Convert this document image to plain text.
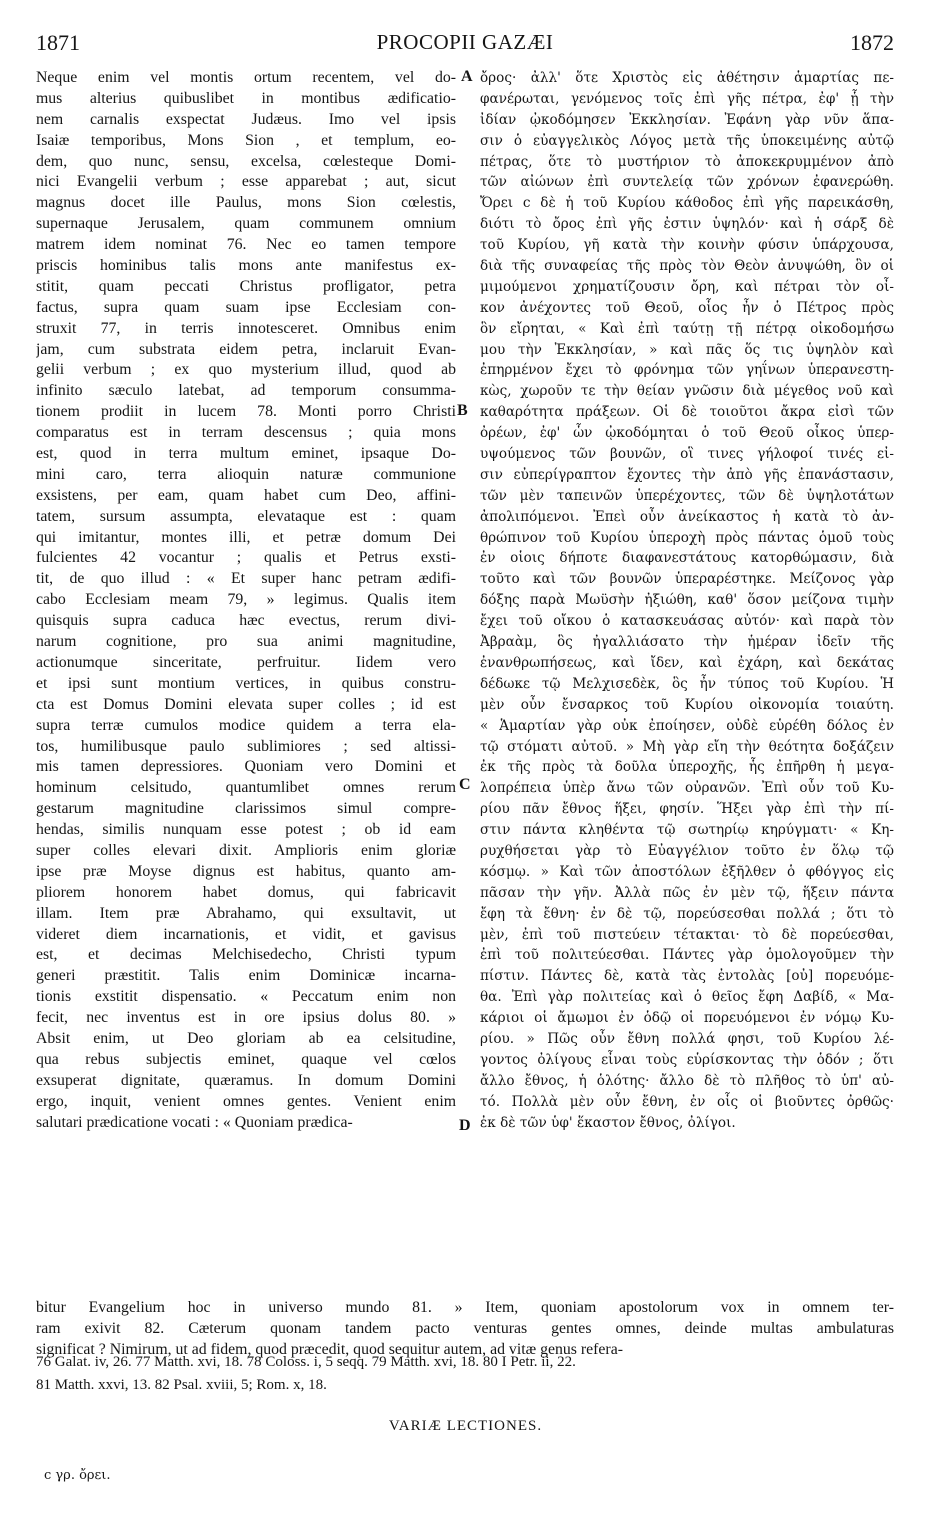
1871	PROCOPII GAZÆI	1872
Neque enim vel montis ortum recentem, vel do-
mus alterius quibuslibet in montibus ædificatio-
nem carnalis exspectat Judæus. Imo vel ipsis
Isaiæ temporibus, Mons Sion , et templum, eo-
dem, quo nunc, sensu, excelsa, cœlesteque Domi-
nici Evangelii verbum ; esse apparebat ; aut, sicut
magnus docet ille Paulus, mons Sion cœlestis,
supernaque Jerusalem, quam communem omnium
matrem idem nominat 76. Nec eo tamen tempore
priscis hominibus talis mons ante manifestus ex-
stitit, quam peccati Christus profligator, petra
factus, supra quam suam ipse Ecclesiam con-
struxit 77, in terris innotesceret. Omnibus enim
jam, cum substrata eidem petra, inclaruit Evan-
gelii verbum ; ex quo mysterium illud, quod ab
infinito sæculo latebat, ad temporum consumma-
tionem prodiit in lucem 78. Monti porro Christi
comparatus est in terram descensus ; quia mons
est, quod in terra multum eminet, ipsaque Do-
mini caro, terra alioquin naturæ communione
exsistens, per eam, quam habet cum Deo, affini-
tatem, sursum assumpta, elevataque est : quam
qui imitantur, montes illi, et petræ domum Dei
fulcientes 42 vocantur ; qualis et Petrus exsti-
tit, de quo illud : « Et super hanc petram ædifi-
cabo Ecclesiam meam 79, » legimus. Qualis item
quisquis supra caduca hæc evectus, rerum divi-
narum cognitione, pro sua animi magnitudine,
actionumque sinceritate, perfruitur. Iidem vero
et ipsi sunt montium vertices, in quibus constru-
cta est Domus Domini elevata super colles ; id est
supra terræ cumulos modice quidem a terra ela-
tos, humilibusque paulo sublimiores ; sed altissi-
mis tamen depressiores. Quoniam vero Domini et
hominum celsitudo, quantumlibet omnes rerum
gestarum magnitudine clarissimos simul compre-
hendas, similis nunquam esse potest ; ob id eam
super colles elevari dixit. Amplioris enim gloriæ
ipse præ Moyse dignus est habitus, quanto am-
pliorem honorem habet domus, qui fabricavit
illam. Item præ Abrahamo, qui exsultavit, ut
videret diem incarnationis, et vidit, et gavisus
est, et decimas Melchisedecho, Christi typum
generi præstitit. Talis enim Dominicæ incarna-
tionis exstitit dispensatio. « Peccatum enim non
fecit, nec inventus est in ore ipsius dolus 80. »
Absit enim, ut Deo gloriam ab ea celsitudine,
qua rebus subjectis eminet, quaque vel cœlos
exsuperat dignitate, quæramus. In domum Domini
ergo, inquit, venient omnes gentes. Venient enim
salutari prædicatione vocati : « Quoniam prædica-
ὄρος· ἀλλ' ὅτε Χριστὸς εἰς ἀθέτησιν ἁμαρτίας πε-
φανέρωται, γενόμενος τοῖς ἐπὶ γῆς πέτρα, ἐφ' ᾗ τὴν
ἰδίαν ᾠκοδόμησεν Ἐκκλησίαν. Ἐφάνη γὰρ νῦν ἅπα-
σιν ὁ εὐαγγελικὸς Λόγος μετὰ τῆς ὑποκειμένης αὐτῷ
πέτρας, ὅτε τὸ μυστήριον τὸ ἀποκεκρυμμένον ἀπὸ
τῶν αἰώνων ἐπὶ συντελείᾳ τῶν χρόνων ἐφανερώθη.
Ὄρει c δὲ ἡ τοῦ Κυρίου κάθοδος ἐπὶ γῆς παρεικάσθη,
διότι τὸ ὄρος ἐπὶ γῆς ἐστιν ὑψηλόν· καὶ ἡ σάρξ δὲ
τοῦ Κυρίου, γῆ κατὰ τὴν κοινὴν φύσιν ὑπάρχουσα,
διὰ τῆς συναφείας τῆς πρὸς τὸν Θεὸν ἀνυψώθη, ὃν οἱ
μιμούμενοι χρηματίζουσιν ὄρη, καὶ πέτραι τὸν οἶ-
κον ἀνέχοντες τοῦ Θεοῦ, οἷος ἦν ὁ Πέτρος πρὸς
ὃν εἴρηται, « Καὶ ἐπὶ ταύτῃ τῇ πέτρᾳ οἰκοδομήσω
μου τὴν Ἐκκλησίαν, » καὶ πᾶς ὅς τις ὑψηλὸν καὶ
ἐπηρμένον ἔχει τὸ φρόνημα τῶν γηΐνων ὑπερανεστη-
κὼς, χωροῦν τε τὴν θείαν γνῶσιν διὰ μέγεθος νοῦ καὶ
καθαρότητα πράξεων. Οἱ δὲ τοιοῦτοι ἄκρα εἰσὶ τῶν
ὀρέων, ἐφ' ὧν ᾠκοδόμηται ὁ τοῦ Θεοῦ οἶκος ὑπερ-
υψούμενος τῶν βουνῶν, οἳ τινες γήλοφοί τινές εἰ-
σιν εὐπερίγραπτον ἔχοντες τὴν ἀπὸ γῆς ἐπανάστασιν,
τῶν μὲν ταπεινῶν ὑπερέχοντες, τῶν δὲ ὑψηλοτάτων
ἀπολιπόμενοι. Ἐπεὶ οὖν ἀνείκαστος ἡ κατὰ τὸ ἀν-
θρώπινον τοῦ Κυρίου ὑπεροχὴ πρὸς πάντας ὁμοῦ τοὺς
ἐν οἱοις δήποτε διαφανεστάτους κατορθώμασιν, διὰ
τοῦτο καὶ τῶν βουνῶν ὑπεραρέστηκε. Μείζονος γὰρ
δόξης παρὰ Μωϋσὴν ἠξιώθη, καθ' ὅσον μείζονα τιμὴν
ἔχει τοῦ οἴκου ὁ κατασκευάσας αὐτόν· καὶ παρὰ τὸν
Ἀβραὰμ, ὃς ἠγαλλιάσατο τὴν ἡμέραν ἰδεῖν τῆς
ἐνανθρωπήσεως, καὶ ἴδεν, καὶ ἐχάρη, καὶ δεκάτας
δέδωκε τῷ Μελχισεδὲκ, ὃς ἦν τύπος τοῦ Κυρίου. Ἡ
μὲν οὖν ἔνσαρκος τοῦ Κυρίου οἰκονομία τοιαύτη.
« Ἁμαρτίαν γὰρ οὐκ ἐποίησεν, οὐδὲ εὑρέθη δόλος ἐν
τῷ στόματι αὐτοῦ. » Μὴ γὰρ εἴη τὴν θεότητα δοξάζειν
ἐκ τῆς πρὸς τὰ δοῦλα ὑπεροχῆς, ἧς ἐπῆρθη ἡ μεγα-
λοπρέπεια ὑπὲρ ἄνω τῶν οὐρανῶν. Ἐπὶ οὖν τοῦ Κυ-
ρίου πᾶν ἔθνος ἥξει, φησίν. Ἥξει γὰρ ἐπὶ τὴν πί-
στιν πάντα κληθέντα τῷ σωτηρίῳ κηρύγματι· « Κη-
ρυχθήσεται γὰρ τὸ Εὐαγγέλιον τοῦτο ἐν ὅλῳ τῷ
κόσμῳ. » Καὶ τῶν ἀποστόλων ἐξῆλθεν ὁ φθόγγος εἰς
πᾶσαν τὴν γῆν. Ἀλλὰ πῶς ἐν μὲν τῷ, ἥξειν πάντα
ἔφη τὰ ἔθνη· ἐν δὲ τῷ, πορεύσεσθαι πολλά ; ὅτι τὸ
μὲν, ἐπὶ τοῦ πιστεύειν τέτακται· τὸ δὲ πορεύεσθαι,
ἐπὶ τοῦ πολιτεύεσθαι. Πάντες γὰρ ὁμολογοῦμεν τὴν
πίστιν. Πάντες δὲ, κατὰ τὰς ἐντολὰς [οὐ] πορευόμε-
θα. Ἐπὶ γὰρ πολιτείας καὶ ὁ θεῖος ἔφη Δαβίδ, « Μα-
κάριοι οἱ ἄμωμοι ἐν ὁδῷ οἱ πορευόμενοι ἐν νόμῳ Κυ-
ρίου. » Πῶς οὖν ἔθνη πολλά φησι, τοῦ Κυρίου λέ-
γοντος ὀλίγους εἶναι τοὺς εὑρίσκοντας τὴν ὁδόν ; ὅτι
ἄλλο ἔθνος, ἡ ὁλότης· ἄλλο δὲ τὸ πλῆθος τὸ ὑπ' αὐ-
τό. Πολλὰ μὲν οὖν ἔθνη, ἐν οἷς οἱ βιοῦντες ὀρθῶς·
ἐκ δὲ τῶν ὑφ' ἕκαστον ἔθνος, ὀλίγοι.
A
B
C
D
bitur Evangelium hoc in universo mundo 81. » Item, quoniam apostolorum vox in omnem ter-
ram exivit 82. Cæterum quonam tandem pacto venturas gentes omnes, deinde multas ambulaturas
significat ? Nimirum, ut ad fidem, quod præcedit, quod sequitur autem, ad vitæ genus refera-
76 Galat. iv, 26. 77 Matth. xvi, 18. 78 Coloss. i, 5 seqq. 79 Matth. xvi, 18. 80 I Petr. ii, 22.
81 Matth. xxvi, 13. 82 Psal. xviii, 5; Rom. x, 18.
VARIÆ LECTIONES.
c γρ. ὄρει.
